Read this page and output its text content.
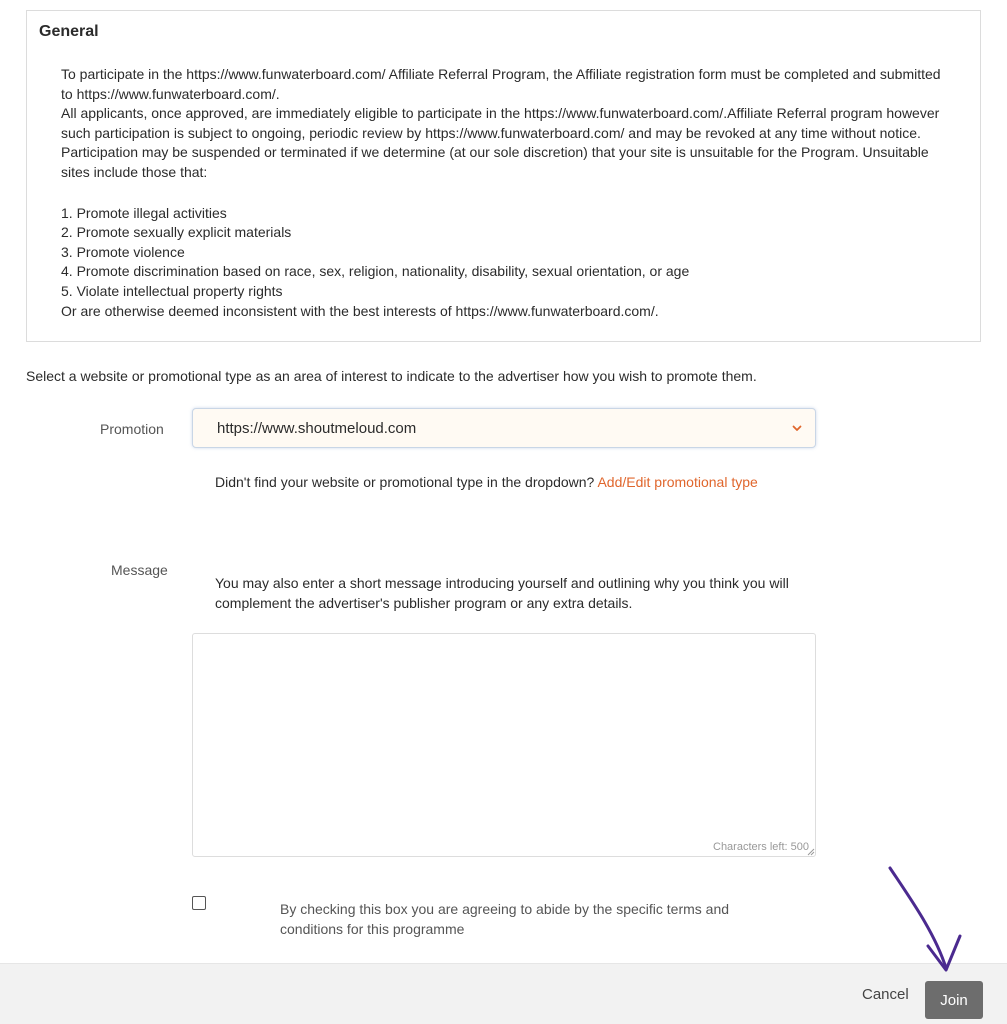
General
To participate in the https://www.funwaterboard.com/ Affiliate Referral Program, the Affiliate registration form must be completed and submitted to https://www.funwaterboard.com/.
All applicants, once approved, are immediately eligible to participate in the https://www.funwaterboard.com/.Affiliate Referral program however such participation is subject to ongoing, periodic review by https://www.funwaterboard.com/ and may be revoked at any time without notice. Participation may be suspended or terminated if we determine (at our sole discretion) that your site is unsuitable for the Program. Unsuitable sites include those that:
1. Promote illegal activities
2. Promote sexually explicit materials
3. Promote violence
4. Promote discrimination based on race, sex, religion, nationality, disability, sexual orientation, or age
5. Violate intellectual property rights
Or are otherwise deemed inconsistent with the best interests of https://www.funwaterboard.com/.
Select a website or promotional type as an area of interest to indicate to the advertiser how you wish to promote them.
Promotion	https://www.shoutmeloud.com
Didn't find your website or promotional type in the dropdown? Add/Edit promotional type
Message
You may also enter a short message introducing yourself and outlining why you think you will complement the advertiser's publisher program or any extra details.
Characters left: 500
By checking this box you are agreeing to abide by the specific terms and conditions for this programme
Cancel	Join
